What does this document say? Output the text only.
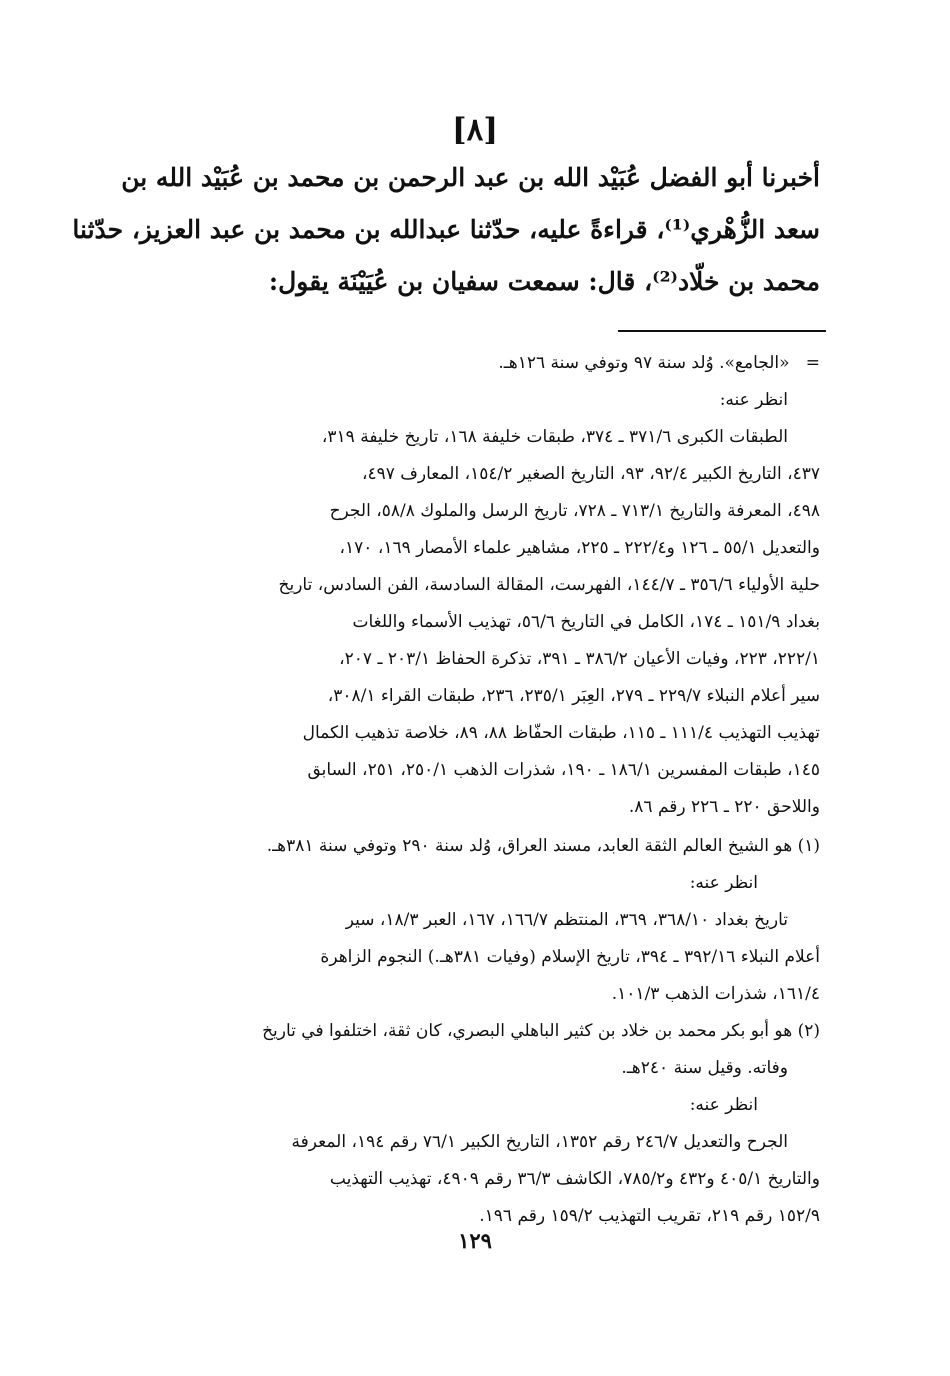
[٨]
أخبرنا أبو الفضل عُبَيْد الله بن عبد الرحمن بن محمد بن عُبَيْد الله بن
سعد الزُّهْري⁽¹⁾، قراءةً عليه، حدّثنا عبدالله بن محمد بن عبد العزيز، حدّثنا
محمد بن خلّاد⁽²⁾، قال: سمعت سفيان بن عُيَيْنَة يقول:
=   «الجامع». وُلد سنة ٩٧ وتوفي سنة ١٢٦هـ.
انظر عنه:
الطبقات الكبرى ٣٧١/٦ ـ ٣٧٤، طبقات خليفة ١٦٨، تاريخ خليفة ٣١٩،
٤٣٧، التاريخ الكبير ٩٢/٤، ٩٣، التاريخ الصغير ١٥٤/٢، المعارف ٤٩٧،
٤٩٨، المعرفة والتاريخ ٧١٣/١ ـ ٧٢٨، تاريخ الرسل والملوك ٥٨/٨، الجرح
والتعديل ٥٥/١ ـ ١٢٦ و٢٢٢/٤ ـ ٢٢٥، مشاهير علماء الأمصار ١٦٩، ١٧٠،
حلية الأولياء ٣٥٦/٦ ـ ١٤٤/٧، الفهرست، المقالة السادسة، الفن السادس، تاريخ
بغداد ١٥١/٩ ـ ١٧٤، الكامل في التاريخ ٥٦/٦، تهذيب الأسماء واللغات
٢٢٢/١، ٢٢٣، وفيات الأعيان ٣٨٦/٢ ـ ٣٩١، تذكرة الحفاظ ٢٠٣/١ ـ ٢٠٧،
سير أعلام النبلاء ٢٢٩/٧ ـ ٢٧٩، العِبَر ٢٣٥/١، ٢٣٦، طبقات القراء ٣٠٨/١،
تهذيب التهذيب ١١١/٤ ـ ١١٥، طبقات الحفّاظ ٨٨، ٨٩، خلاصة تذهيب الكمال
١٤٥، طبقات المفسرين ١٨٦/١ ـ ١٩٠، شذرات الذهب ٢٥٠/١، ٢٥١، السابق
واللاحق ٢٢٠ ـ ٢٢٦ رقم ٨٦.
(١) هو الشيخ العالم الثقة العابد، مسند العراق، وُلد سنة ٢٩٠ وتوفي سنة ٣٨١هـ.
انظر عنه:
تاريخ بغداد ٣٦٨/١٠، ٣٦٩، المنتظم ١٦٦/٧، ١٦٧، العبر ١٨/٣، سير
أعلام النبلاء ٣٩٢/١٦ ـ ٣٩٤، تاريخ الإسلام (وفيات ٣٨١هـ.) النجوم الزاهرة
١٦١/٤، شذرات الذهب ١٠١/٣.
(٢) هو أبو بكر محمد بن خلاد بن كثير الباهلي البصري، كان ثقة، اختلفوا في تاريخ
وفاته. وقيل سنة ٢٤٠هـ.
انظر عنه:
الجرح والتعديل ٢٤٦/٧ رقم ١٣٥٢، التاريخ الكبير ٧٦/١ رقم ١٩٤، المعرفة
والتاريخ ٤٠٥/١ و٤٣٢ و٧٨٥/٢، الكاشف ٣٦/٣ رقم ٤٩٠٩، تهذيب التهذيب
١٥٢/٩ رقم ٢١٩، تقريب التهذيب ١٥٩/٢ رقم ١٩٦.
١٢٩
